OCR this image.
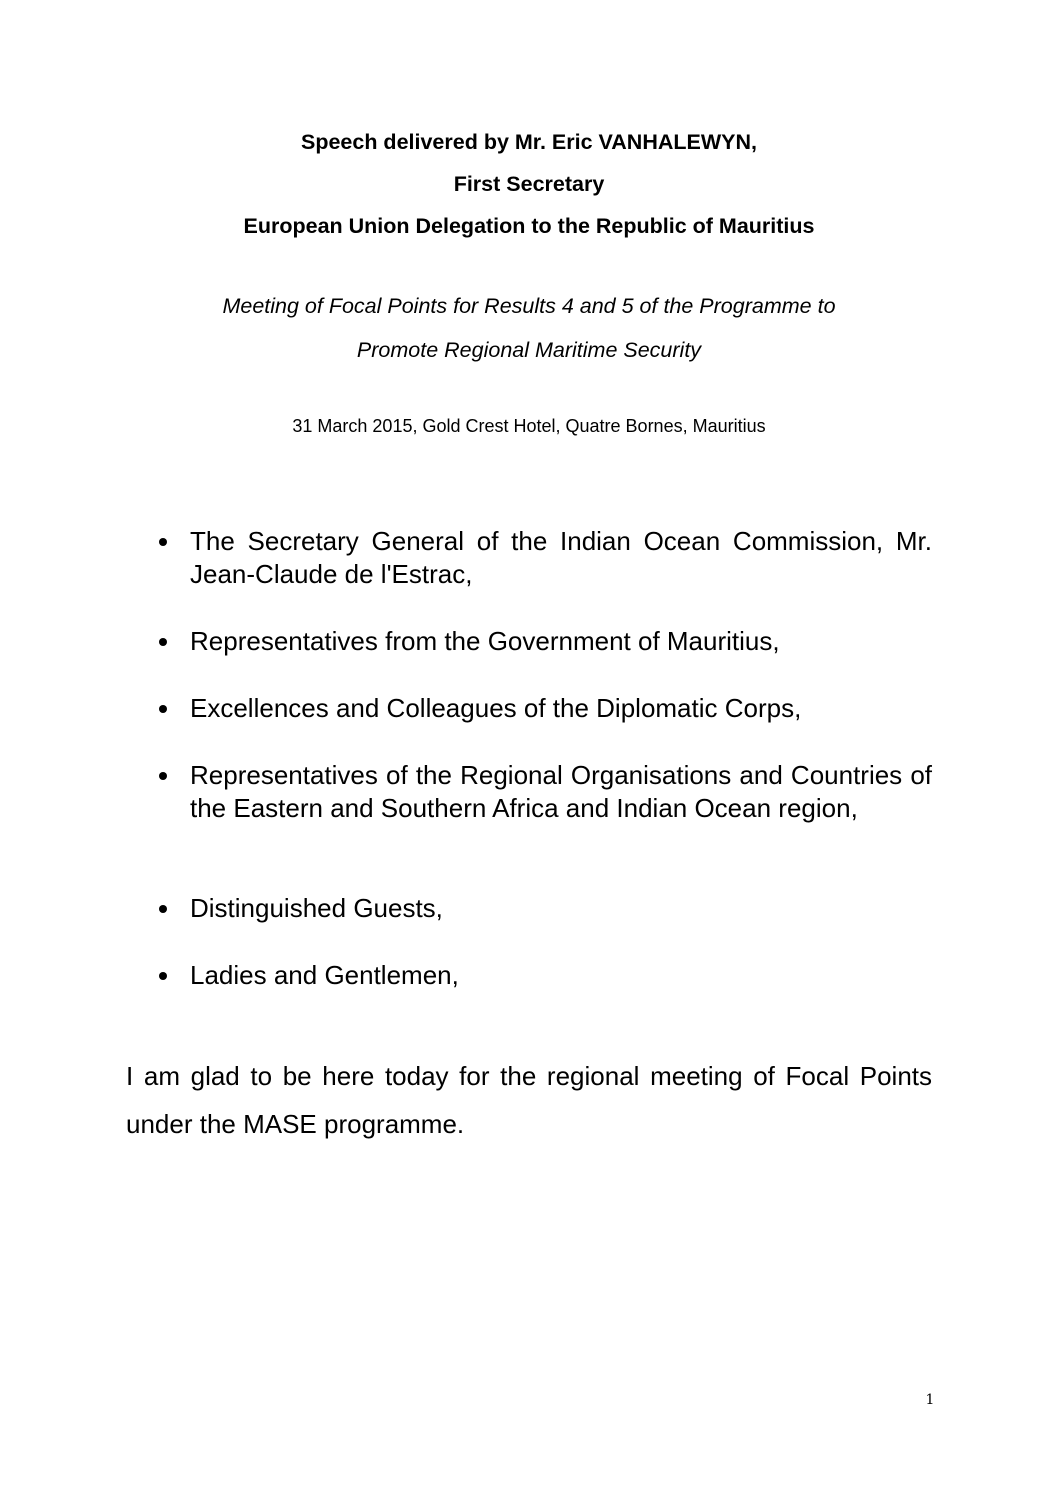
Speech delivered by Mr. Eric VANHALEWYN,
First Secretary
European Union Delegation to the Republic of Mauritius
Meeting of Focal Points for Results 4 and 5 of the Programme to
Promote Regional Maritime Security
31 March 2015, Gold Crest Hotel, Quatre Bornes, Mauritius
The Secretary General of the Indian Ocean Commission, Mr. Jean-Claude de l'Estrac,
Representatives from the Government of Mauritius,
Excellences and Colleagues of the Diplomatic Corps,
Representatives of the Regional Organisations and Countries of the Eastern and Southern Africa and Indian Ocean region,
Distinguished Guests,
Ladies and Gentlemen,

I am glad to be here today for the regional meeting of Focal Points under the MASE programme.

1
